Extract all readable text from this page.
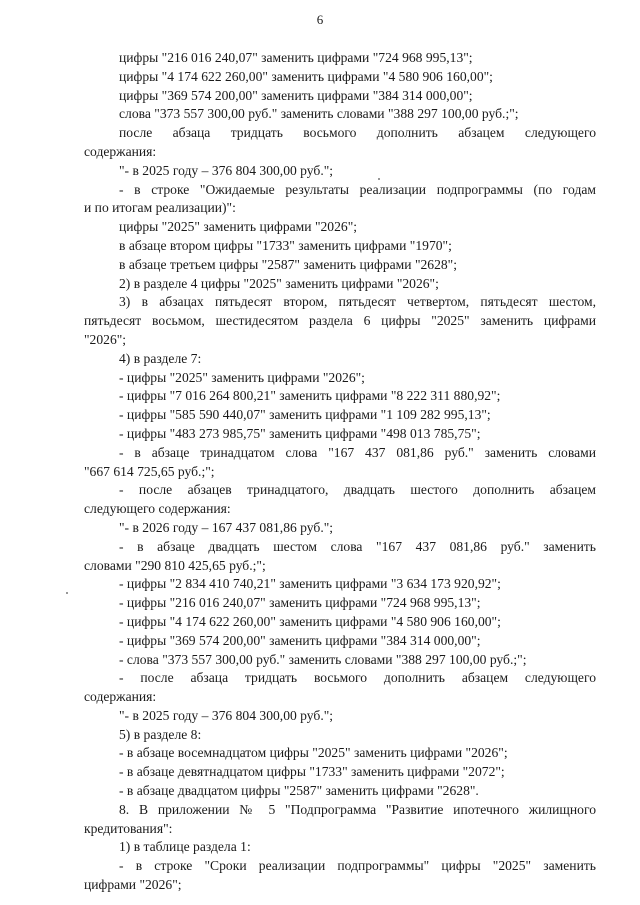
6
цифры "216 016 240,07" заменить цифрами "724 968 995,13";
цифры "4 174 622 260,00" заменить цифрами "4 580 906 160,00";
цифры "369 574 200,00" заменить цифрами "384 314 000,00";
слова "373 557 300,00 руб." заменить словами "388 297 100,00 руб.;";
после абзаца тридцать восьмого дополнить абзацем следующего
содержания:
"- в 2025 году – 376 804 300,00 руб.";
- в строке "Ожидаемые результаты реализации подпрограммы (по годам
и по итогам реализации)":
цифры "2025" заменить цифрами "2026";
в абзаце втором цифры "1733" заменить цифрами "1970";
в абзаце третьем цифры "2587" заменить цифрами "2628";
2) в разделе 4 цифры "2025" заменить цифрами "2026";
3) в абзацах пятьдесят втором, пятьдесят четвертом, пятьдесят шестом,
пятьдесят восьмом, шестидесятом раздела 6 цифры "2025" заменить цифрами
"2026";
4) в разделе 7:
- цифры "2025" заменить цифрами "2026";
- цифры "7 016 264 800,21" заменить цифрами "8 222 311 880,92";
- цифры "585 590 440,07" заменить цифрами "1 109 282 995,13";
- цифры "483 273 985,75" заменить цифрами "498 013 785,75";
- в абзаце тринадцатом слова "167 437 081,86 руб." заменить словами
"667 614 725,65 руб.;";
- после абзацев тринадцатого, двадцать шестого дополнить абзацем
следующего содержания:
"- в 2026 году – 167 437 081,86 руб.";
- в абзаце двадцать шестом слова "167 437 081,86 руб." заменить
словами "290 810 425,65 руб.;";
- цифры "2 834 410 740,21" заменить цифрами "3 634 173 920,92";
- цифры "216 016 240,07" заменить цифрами "724 968 995,13";
- цифры "4 174 622 260,00" заменить цифрами "4 580 906 160,00";
- цифры "369 574 200,00" заменить цифрами "384 314 000,00";
- слова "373 557 300,00 руб." заменить словами "388 297 100,00 руб.;";
- после абзаца тридцать восьмого дополнить абзацем следующего
содержания:
"- в 2025 году – 376 804 300,00 руб.";
5) в разделе 8:
- в абзаце восемнадцатом цифры "2025" заменить цифрами "2026";
- в абзаце девятнадцатом цифры "1733" заменить цифрами "2072";
- в абзаце двадцатом цифры "2587" заменить цифрами "2628".
8. В приложении № 5 "Подпрограмма "Развитие ипотечного жилищного
кредитования":
1) в таблице раздела 1:
- в строке "Сроки реализации подпрограммы" цифры "2025" заменить
цифрами "2026";
